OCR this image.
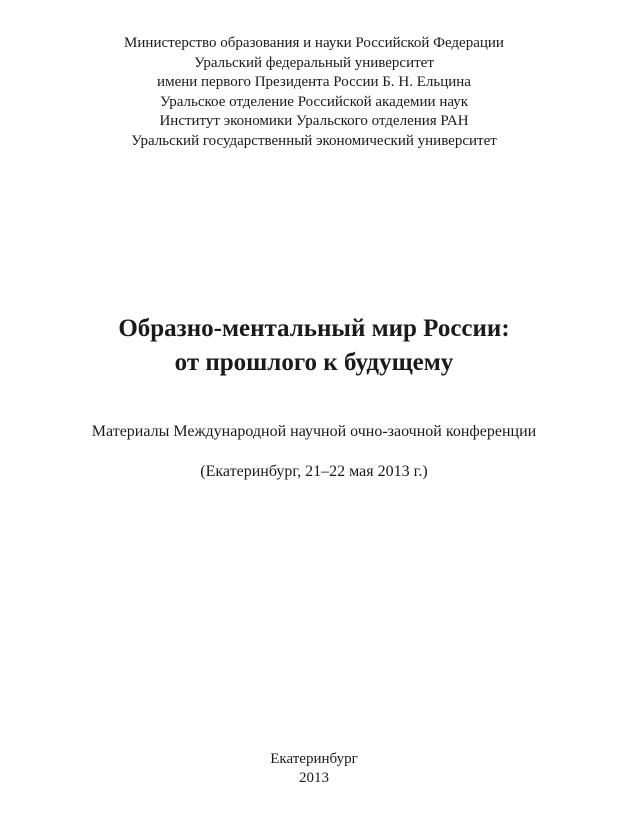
Министерство образования и науки Российской Федерации
Уральский федеральный университет
имени первого Президента России Б. Н. Ельцина
Уральское отделение Российской академии наук
Институт экономики Уральского отделения РАН
Уральский государственный экономический университет
Образно-ментальный мир России:
от прошлого к будущему
Материалы Международной научной очно-заочной конференции
(Екатеринбург, 21–22 мая 2013 г.)
Екатеринбург
2013
